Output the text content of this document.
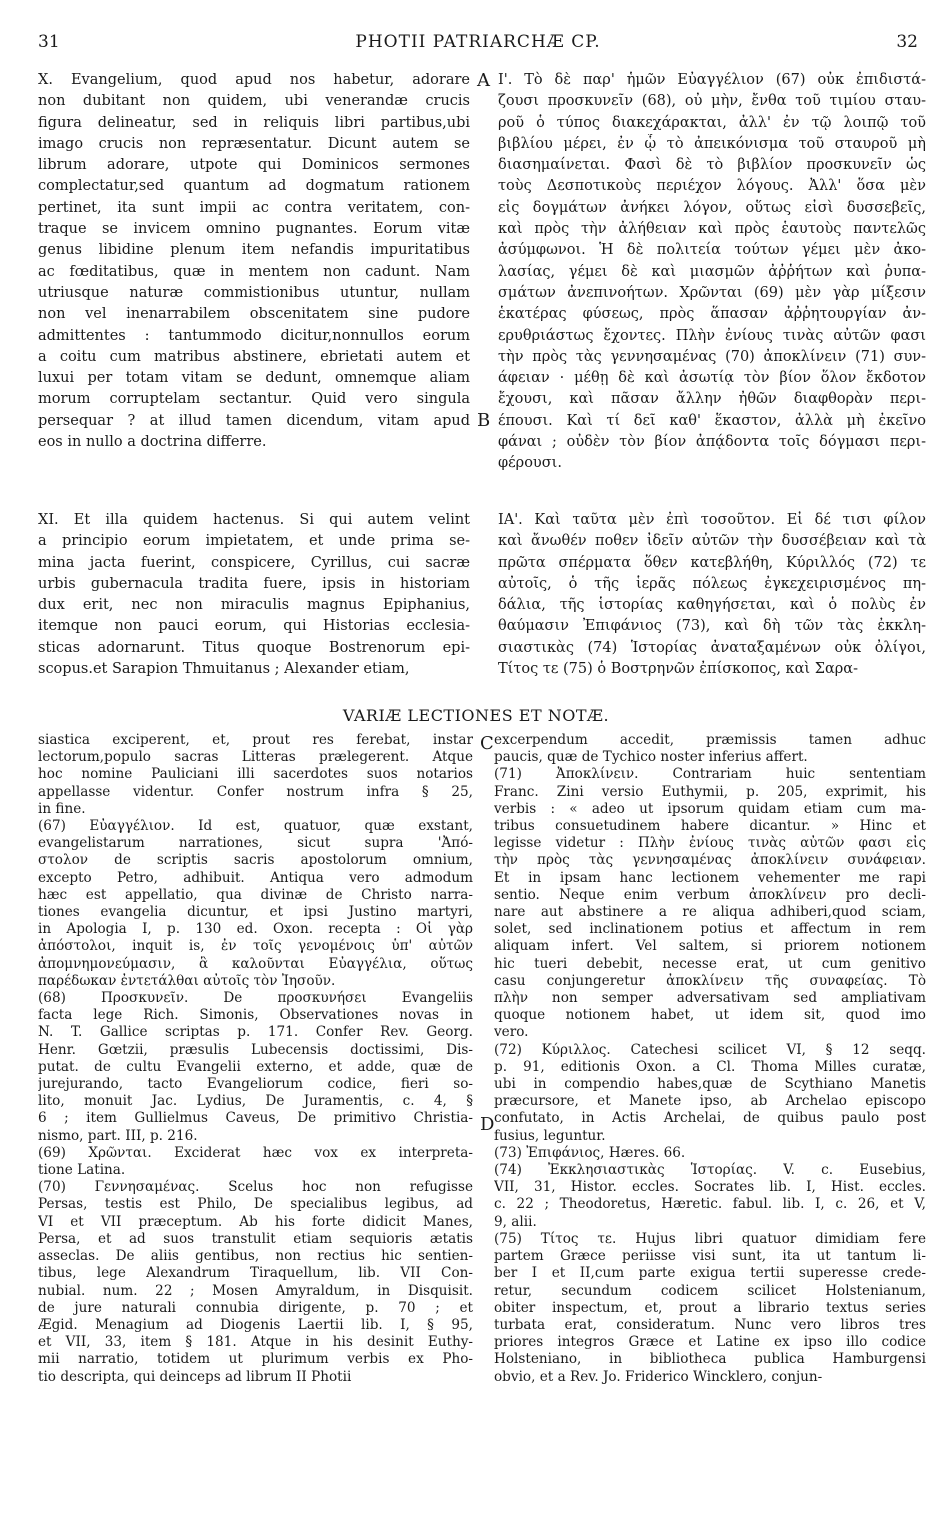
PHOTII PATRIARCHÆ CP.
31	32
A
B
C
D
X. Evangelium, quod apud nos habetur, adorare
non dubitant non quidem, ubi venerandæ crucis
figura delineatur, sed in reliquis libri partibus,ubi
imago crucis non repræsentatur. Dicunt autem se
librum adorare, utpote qui Dominicos sermones
complectatur,sed quantum ad dogmatum rationem
pertinet, ita sunt impii ac contra veritatem, con-
traque se invicem omnino pugnantes. Eorum vitæ
genus libidine plenum item nefandis impuritatibus
ac fœditatibus, quæ in mentem non cadunt. Nam
utriusque naturæ commistionibus utuntur, nullam
non vel inenarrabilem obscenitatem sine pudore
admittentes : tantummodo dicitur,nonnullos eorum
a coitu cum matribus abstinere, ebrietati autem et
luxui per totam vitam se dedunt, omnemque aliam
morum corruptelam sectantur. Quid vero singula
persequar ? at illud tamen dicendum, vitam apud
eos in nullo a doctrina differre.
Ι'. Τὸ δὲ παρ' ἡμῶν Εὐαγγέλιον (67) οὐκ ἐπιδιστά-
ζουσι προσκυνεῖν (68), οὐ μὴν, ἔνθα τοῦ τιμίου σταυ-
ροῦ ὁ τύπος διακεχάρακται, ἀλλ' ἐν τῷ λοιπῷ τοῦ
βιβλίου μέρει, ἐν ᾧ τὸ ἀπεικόνισμα τοῦ σταυροῦ μὴ
διασημαίνεται. Φασὶ δὲ τὸ βιβλίον προσκυνεῖν ὡς
τοὺς Δεσποτικοὺς περιέχον λόγους. Ἀλλ' ὅσα μὲν
εἰς δογμάτων ἀνήκει λόγον, οὕτως εἰσὶ δυσσεβεῖς,
καὶ πρὸς τὴν ἀλήθειαν καὶ πρὸς ἑαυτοὺς παντελῶς
ἀσύμφωνοι. Ἡ δὲ πολιτεία τούτων γέμει μὲν ἀκο-
λασίας, γέμει δὲ καὶ μιασμῶν ἀῤῥήτων καὶ ῥυπα-
σμάτων ἀνεπινοήτων. Χρῶνται (69) μὲν γὰρ μίξεσιν
ἑκατέρας φύσεως, πρὸς ἅπασαν ἀῤῥητουργίαν ἀν-
ερυθριάστως ἔχοντες. Πλὴν ἐνίους τινὰς αὐτῶν φασι
τὴν πρὸς τὰς γεννησαμένας (70) ἀποκλίνειν (71) συν-
άφειαν · μέθῃ δὲ καὶ ἀσωτίᾳ τὸν βίον ὅλον ἔκδοτον
ἔχουσι, καὶ πᾶσαν ἄλλην ἠθῶν διαφθορὰν περι-
έπουσι. Καὶ τί δεῖ καθ' ἕκαστον, ἀλλὰ μὴ ἐκεῖνο
φάναι ; οὐδὲν τὸν βίον ἀπᾴδοντα τοῖς δόγμασι περι-
φέρουσι.
XI. Et illa quidem hactenus. Si qui autem velint
a principio eorum impietatem, et unde prima se-
mina jacta fuerint, conspicere, Cyrillus, cui sacræ
urbis gubernacula tradita fuere, ipsis in historiam
dux erit, nec non miraculis magnus Epiphanius,
itemque non pauci eorum, qui Historias ecclesia-
sticas adornarunt. Titus quoque Bostrenorum epi-
scopus.et Sarapion Thmuitanus ; Alexander etiam,
ΙΑ'. Καὶ ταῦτα μὲν ἐπὶ τοσοῦτον. Εἰ δέ τισι φίλον
καὶ ἄνωθέν ποθεν ἰδεῖν αὐτῶν τὴν δυσσέβειαν καὶ τὰ
πρῶτα σπέρματα ὅθεν κατεβλήθη, Κύριλλός (72) τε
αὐτοῖς, ὁ τῆς ἱερᾶς πόλεως ἐγκεχειρισμένος πη-
δάλια, τῆς ἱστορίας καθηγήσεται, καὶ ὁ πολὺς ἐν
θαύμασιν Ἐπιφάνιος (73), καὶ δὴ τῶν τὰς ἐκκλη-
σιαστικὰς (74) Ἱστορίας ἀναταξαμένων οὐκ ὀλίγοι,
Τίτος τε (75) ὁ Βοστρηνῶν ἐπίσκοπος, καὶ Σαρα-
VARIÆ LECTIONES ET NOTÆ.
siastica exciperent, et, prout res ferebat, instar
lectorum,populo sacras Litteras prælegerent. Atque
hoc nomine Pauliciani illi sacerdotes suos notarios
appellasse videntur. Confer nostrum infra § 25,
in fine.
(67) Εὐαγγέλιον. Id est, quatuor, quæ exstant,
evangelistarum narrationes, sicut supra 'Ἀπό-
στολον de scriptis sacris apostolorum omnium,
excepto Petro, adhibuit. Antiqua vero admodum
hæc est appellatio, qua divinæ de Christo narra-
tiones evangelia dicuntur, et ipsi Justino martyri,
in Apologia I, p. 130 ed. Oxon. recepta : Οἱ γὰρ
ἀπόστολοι, inquit is, ἐν τοῖς γενομένοις ὑπ' αὐτῶν
ἀπομνημονεύμασιν, ἃ καλοῦνται Εὐαγγέλια, οὕτως
παρέδωκαν ἐντετάλθαι αὐτοῖς τὸν Ἰησοῦν.
(68) Προσκυνεῖν. De προσκυνήσει Evangeliis
facta lege Rich. Simonis, Observationes novas in
N. T. Gallice scriptas p. 171. Confer Rev. Georg.
Henr. Gœtzii, præsulis Lubecensis doctissimi, Dis-
putat. de cultu Evangelii externo, et adde, quæ de
jurejurando, tacto Evangeliorum codice, fieri so-
lito, monuit Jac. Lydius, De Juramentis, c. 4, §
6 ; item Gullielmus Caveus, De primitivo Christia-
nismo, part. III, p. 216.
(69) Χρῶνται. Exciderat hæc vox ex interpreta-
tione Latina.
(70) Γεννησαμένας. Scelus hoc non refugisse
Persas, testis est Philo, De specialibus legibus, ad
VI et VII præceptum. Ab his forte didicit Manes,
Persa, et ad suos transtulit etiam sequioris ætatis
asseclas. De aliis gentibus, non rectius hic sentien-
tibus, lege Alexandrum Tiraquellum, lib. VII Con-
nubial. num. 22 ; Mosen Amyraldum, in Disquisit.
de jure naturali connubia dirigente, p. 70 ; et
Ægid. Menagium ad Diogenis Laertii lib. I, § 95,
et VII, 33, item § 181. Atque in his desinit Euthy-
mii narratio, totidem ut plurimum verbis ex Pho-
tio descripta, qui deinceps ad librum II Photii
excerpendum accedit, præmissis tamen adhuc
paucis, quæ de Tychico noster inferius affert.
(71) Ἀποκλίνειν. Contrariam huic sententiam
Franc. Zini versio Euthymii, p. 205, exprimit, his
verbis : « adeo ut ipsorum quidam etiam cum ma-
tribus consuetudinem habere dicantur. » Hinc et
legisse videtur : Πλὴν ἐνίους τινὰς αὐτῶν φασι εἰς
τὴν πρὸς τὰς γεννησαμένας ἀποκλίνειν συνάφειαν.
Et in ipsam hanc lectionem vehementer me rapi
sentio. Neque enim verbum ἀποκλίνειν pro decli-
nare aut abstinere a re aliqua adhiberi,quod sciam,
solet, sed inclinationem potius et affectum in rem
aliquam infert. Vel saltem, si priorem notionem
hic tueri debebit, necesse erat, ut cum genitivo
casu conjungeretur ἀποκλίνειν τῆς συναφείας. Τὸ
πλὴν non semper adversativam sed ampliativam
quoque notionem habet, ut idem sit, quod imo
vero.
(72) Κύριλλος. Catechesi scilicet VI, § 12 seqq.
p. 91, editionis Oxon. a Cl. Thoma Milles curatæ,
ubi in compendio habes,quæ de Scythiano Manetis
præcursore, et Manete ipso, ab Archelao episcopo
confutato, in Actis Archelai, de quibus paulo post
fusius, leguntur.
(73) Ἐπιφάνιος, Hæres. 66.
(74) Ἐκκλησιαστικὰς Ἱστορίας. V. c. Eusebius,
VII, 31, Histor. eccles. Socrates lib. I, Hist. eccles.
c. 22 ; Theodoretus, Hæretic. fabul. lib. I, c. 26, et V,
9, alii.
(75) Τίτος τε. Hujus libri quatuor dimidiam fere
partem Græce periisse visi sunt, ita ut tantum li-
ber I et II,cum parte exigua tertii superesse crede-
retur, secundum codicem scilicet Holstenianum,
obiter inspectum, et, prout a librario textus series
turbata erat, consideratum. Nunc vero libros tres
priores integros Græce et Latine ex ipso illo codice
Holsteniano, in bibliotheca publica Hamburgensi
obvio, et a Rev. Jo. Friderico Wincklero, conjun-
